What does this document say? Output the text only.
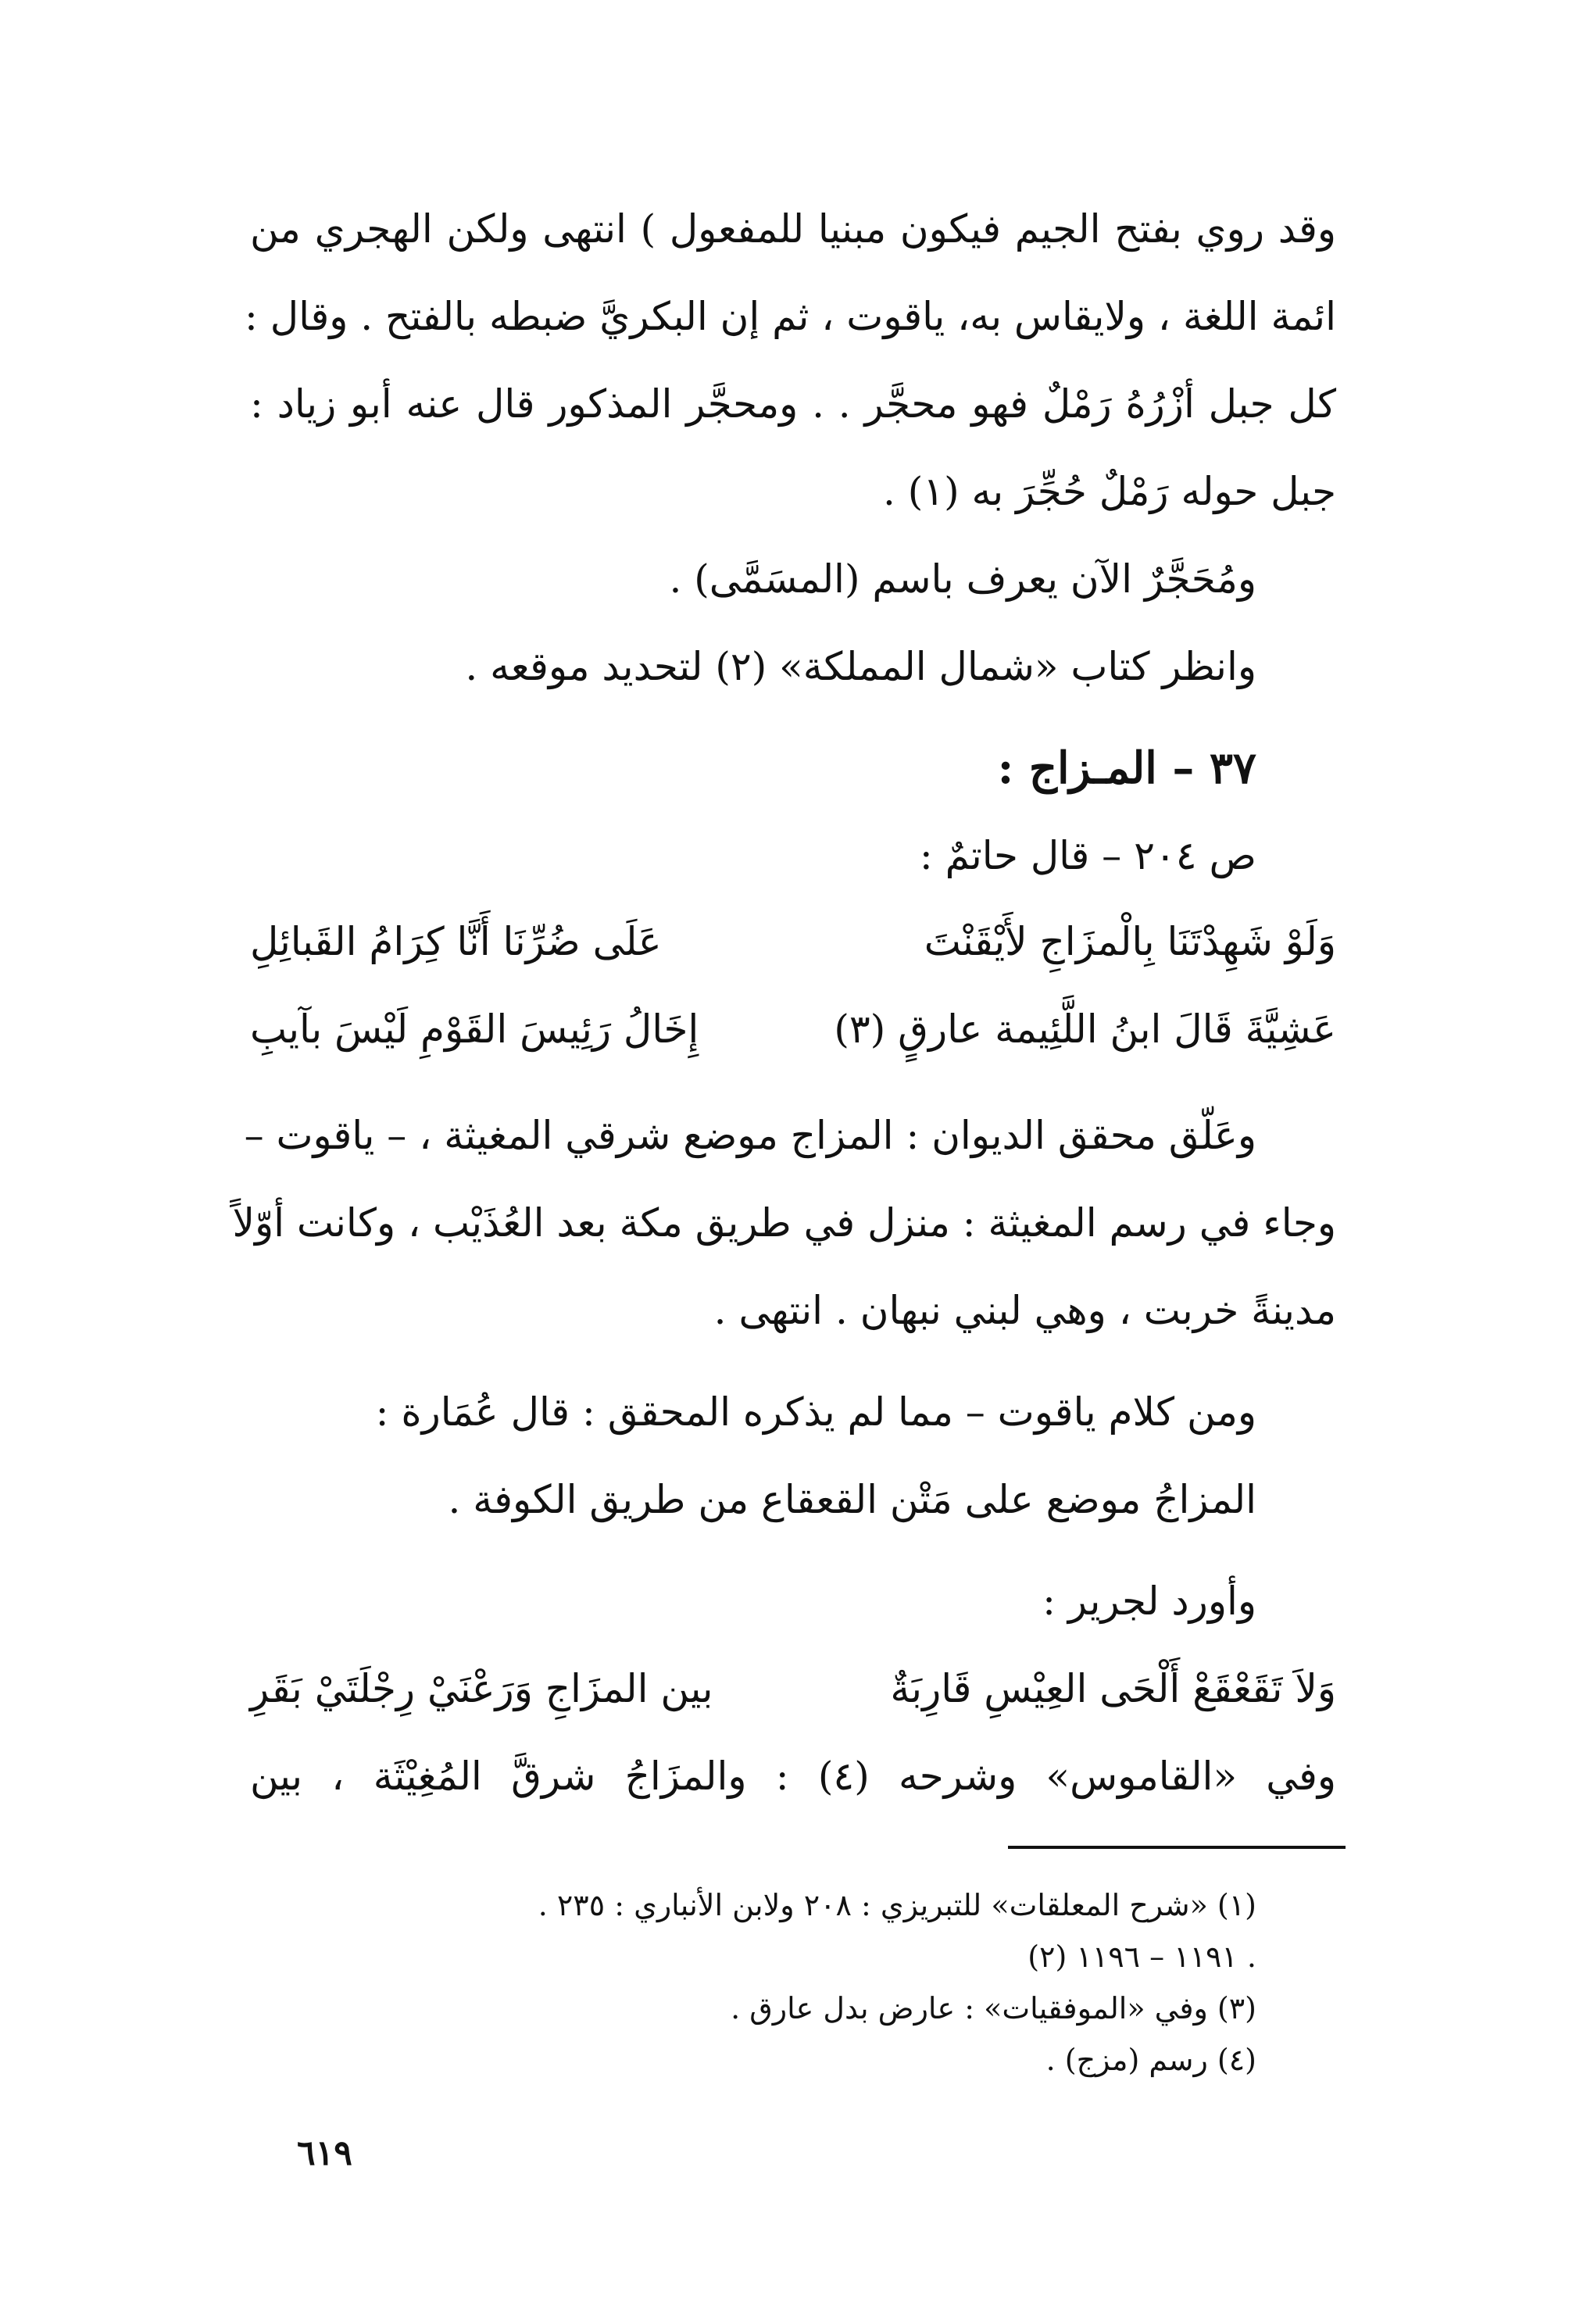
وقد روي بفتح الجيم فيكون مبنيا للمفعول ) انتهى ولكن الهجري من
ائمة اللغة ، ولايقاس به، ياقوت ، ثم إن البكريَّ ضبطه بالفتح . وقال :
كل جبل أزْرُهُ رَمْلٌ فهو محجَّر . . ومحجَّر المذكور قال عنه أبو زياد :
جبل حوله رَمْلٌ حُجِّرَ به (١) .
ومُحَجَّرٌ الآن يعرف باسم (المسَمَّى) .
وانظر كتاب «شمال المملكة» (٢) لتحديد موقعه .
٣٧ – المـزاج :
ص ٢٠٤ – قال حاتمٌ :
وَلَوْ شَهِدْتَنَا بِالْمزَاجِ لأَيْقَنْتَ
عَلَى ضُرِّنَا أَنَّا كِرَامُ القَبائِلِ
عَشِيَّةَ قَالَ ابنُ اللَّئِيمة عارقٍ (٣)
إِخَالُ رَئِيسَ القَوْمِ لَيْسَ بآيبِ
وعَلّق محقق الديوان : المزاج موضع شرقي المغيثة ، – ياقوت –
وجاء في رسم المغيثة : منزل في طريق مكة بعد العُذَيْب ، وكانت أوّلاً
مدينةً خربت ، وهي لبني نبهان . انتهى .
ومن كلام ياقوت – مما لم يذكره المحقق : قال عُمَارة :
المزاجُ موضع على مَتْن القعقاع من طريق الكوفة .
وأورد لجرير :
وَلاَ تَقَعْقَعْ أَلْحَى العِيْسِ قَارِبَةٌ
بين المزَاجِ وَرَعْنَيْ رِجْلَتَيْ بَقَرِ
وفي «القاموس» وشرحه (٤) : والمزَاجُ شرقَّ المُغِيْثَة ، بين
(١) «شرح المعلقات» للتبريزي : ٢٠٨ ولابن الأنباري : ٢٣٥ .
(٢) ١١٩١ – ١١٩٦ .
(٣) وفي «الموفقيات» : عارض بدل عارق .
(٤) رسم (مزج) .
٦١٩
